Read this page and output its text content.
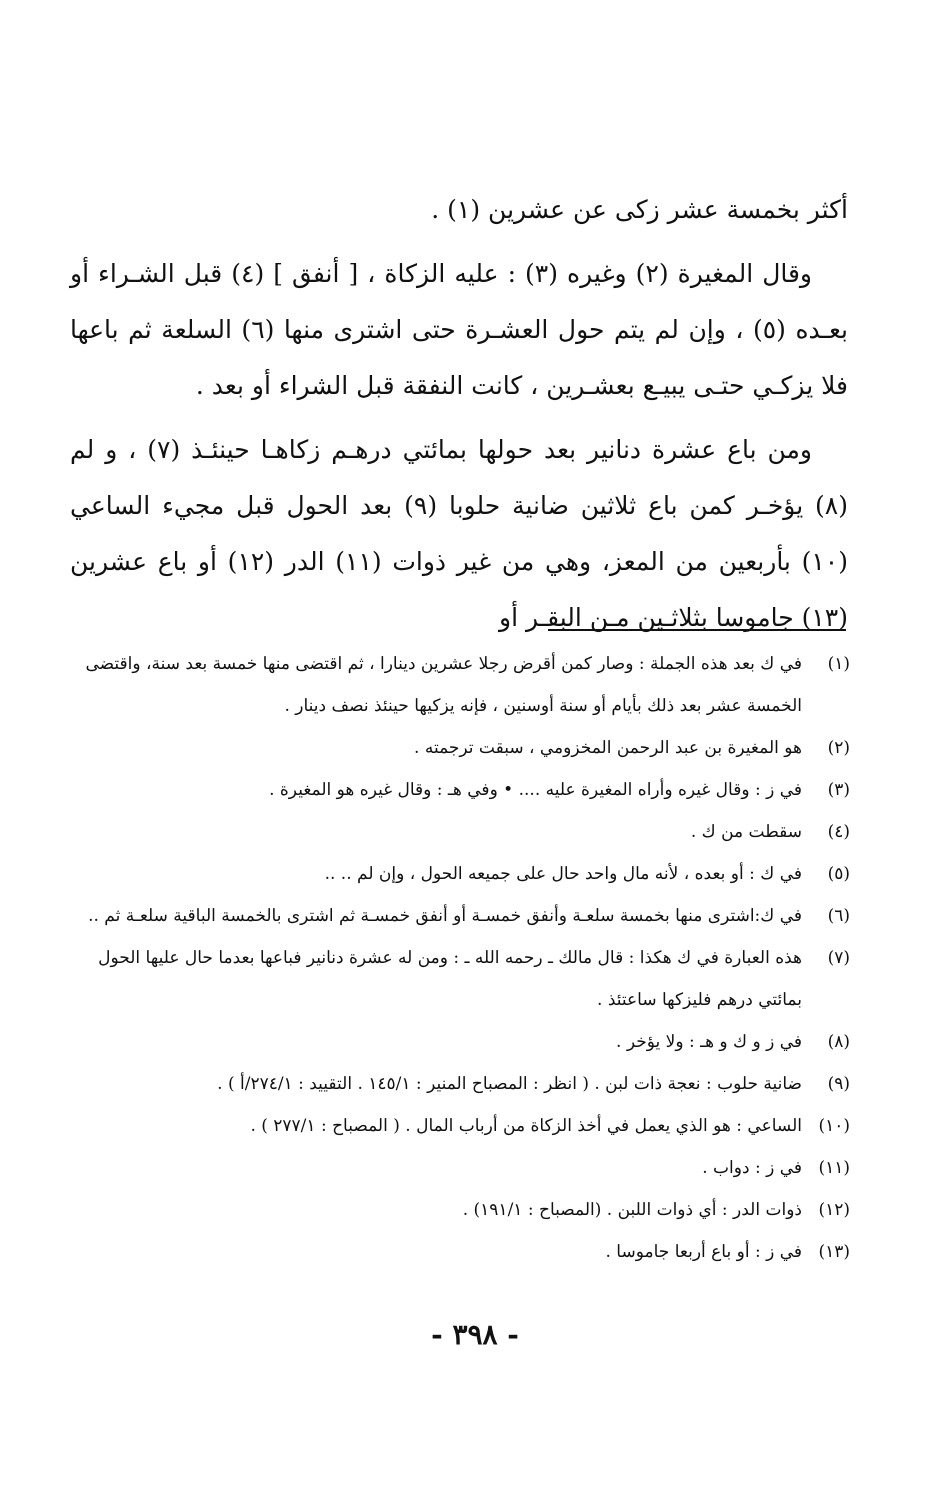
أكثر بخمسة عشر زكى عن عشرين (١) .

وقال المغيرة (٢) وغيره (٣) : عليه الزكاة ، [ أنفق ] (٤) قبل الشـراء أو بعـده (٥) ، وإن لم يتم حول العشـرة حتى اشترى منها (٦) السلعة ثم باعها فلا يزكـي حتـى يبيـع بعشـرين ، كانت النفقة قبل الشراء أو بعد .

ومن باع عشرة دنانير بعد حولها بمائتي درهـم زكاهـا حينئـذ (٧) ، و لم (٨) يؤخـر كمن باع ثلاثين ضانية حلوبا (٩) بعد الحول قبل مجيء الساعي (١٠) بأربعين من المعز، وهي من غير ذوات (١١) الدر (١٢) أو باع عشرين (١٣) جاموسا بثلاثـين مـن البقـر أو

(١)في ك بعد هذه الجملة : وصار كمن أقرض رجلا عشرين دينارا ، ثم اقتضى منها خمسة بعد سنة، واقتضى الخمسة عشر بعد ذلك بأيام أو سنة أوسنين ، فإنه يزكيها حينئذ نصف دينار .

(٢)هو المغيرة بن عبد الرحمن المخزومي ، سبقت ترجمته .

(٣)في ز : وقال غيره وأراه المغيرة عليه .... • وفي هـ : وقال غيره هو المغيرة .

(٤)سقطت من ك .

(٥)في ك : أو بعده ، لأنه مال واحد حال على جميعه الحول ، وإن لم .. ..

(٦)في ك:اشترى منها بخمسة سلعـة وأنفق خمسـة أو أنفق خمسـة ثم اشترى بالخمسة الباقية سلعـة ثم ..

(٧)هذه العبارة في ك هكذا : قال مالك ـ رحمه الله ـ : ومن له عشرة دنانير فباعها بعدما حال عليها الحول بمائتي درهم فليزكها ساعتئذ .

(٨)في ز و ك و هـ : ولا يؤخر .

(٩)ضانية حلوب : نعجة ذات لبن . ( انظر : المصباح المنير : ١٤٥/١ . التقييد : ٢٧٤/١/أ ) .

(١٠)الساعي : هو الذي يعمل في أخذ الزكاة من أرباب المال . ( المصباح : ٢٧٧/١ ) .

(١١)في ز : دواب .

(١٢)ذوات الدر : أي ذوات اللبن . (المصباح : ١٩١/١) .

(١٣)في ز : أو باع أربعا جاموسا .

- ٣٩٨ -
